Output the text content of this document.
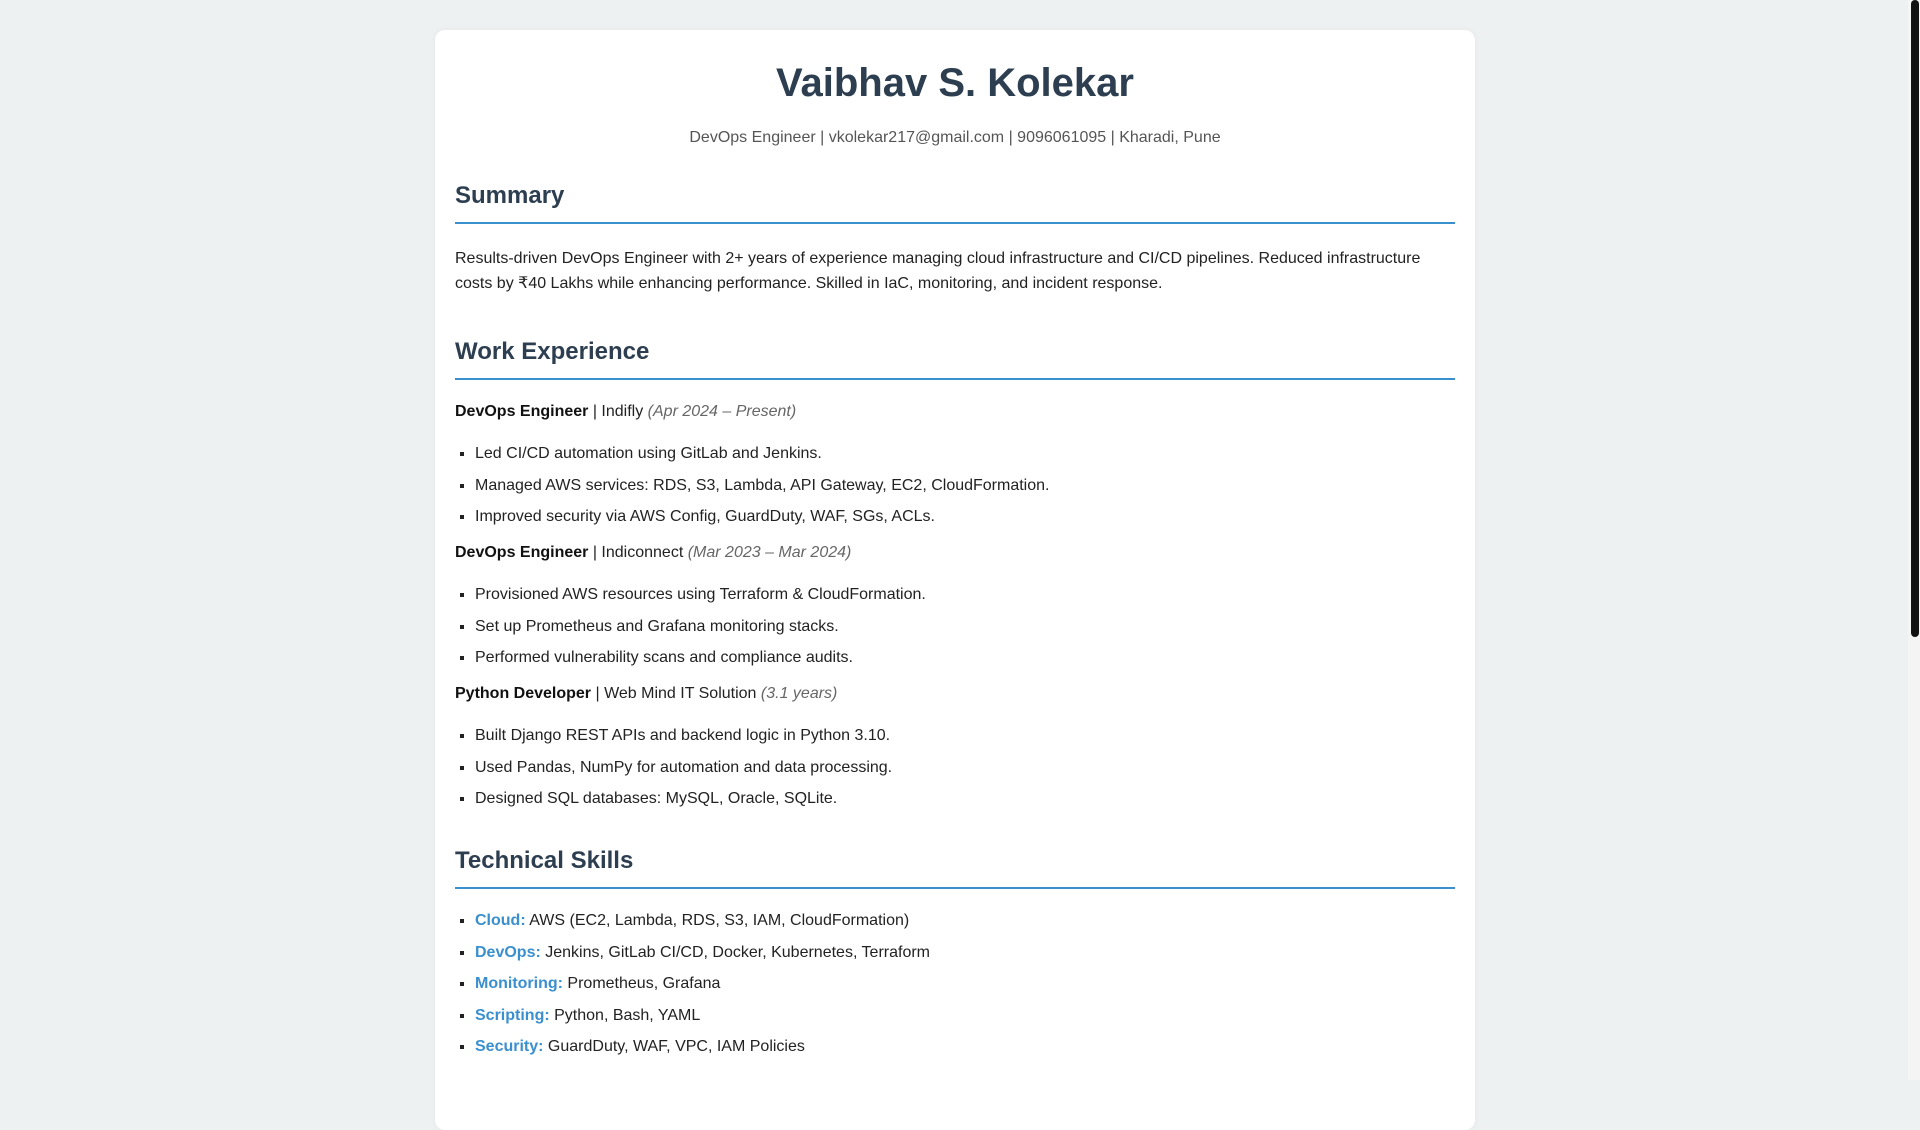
Vaibhav S. Kolekar
DevOps Engineer | vkolekar217@gmail.com | 9096061095 | Kharadi, Pune
Summary
Results-driven DevOps Engineer with 2+ years of experience managing cloud infrastructure and CI/CD pipelines. Reduced infrastructure costs by ₹40 Lakhs while enhancing performance. Skilled in IaC, monitoring, and incident response.
Work Experience
DevOps Engineer | Indifly (Apr 2024 – Present)
▪ Led CI/CD automation using GitLab and Jenkins.
▪ Managed AWS services: RDS, S3, Lambda, API Gateway, EC2, CloudFormation.
▪ Improved security via AWS Config, GuardDuty, WAF, SGs, ACLs.
DevOps Engineer | Indiconnect (Mar 2023 – Mar 2024)
▪ Provisioned AWS resources using Terraform & CloudFormation.
▪ Set up Prometheus and Grafana monitoring stacks.
▪ Performed vulnerability scans and compliance audits.
Python Developer | Web Mind IT Solution (3.1 years)
▪ Built Django REST APIs and backend logic in Python 3.10.
▪ Used Pandas, NumPy for automation and data processing.
▪ Designed SQL databases: MySQL, Oracle, SQLite.
Technical Skills
▪ Cloud: AWS (EC2, Lambda, RDS, S3, IAM, CloudFormation)
▪ DevOps: Jenkins, GitLab CI/CD, Docker, Kubernetes, Terraform
▪ Monitoring: Prometheus, Grafana
▪ Scripting: Python, Bash, YAML
▪ Security: GuardDuty, WAF, VPC, IAM Policies
